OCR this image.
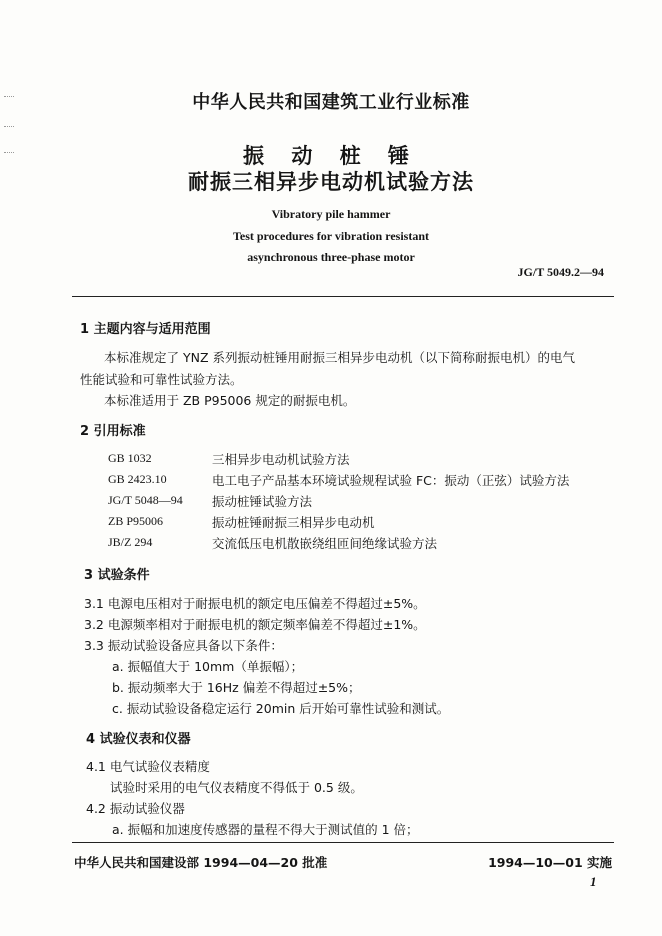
中华人民共和国建筑工业行业标准
振 动 桩 锤
耐振三相异步电动机试验方法
Vibratory pile hammer
Test procedures for vibration resistant
asynchronous three-phase motor
JG/T 5049.2—94
1 主题内容与适用范围
本标准规定了 YNZ 系列振动桩锤用耐振三相异步电动机（以下简称耐振电机）的电气
性能试验和可靠性试验方法。
本标准适用于 ZB P95006 规定的耐振电机。
2 引用标准
GB 1032	三相异步电动机试验方法
GB 2423.10	电工电子产品基本环境试验规程试验 FC：振动（正弦）试验方法
JG/T 5048—94 振动桩锤试验方法
ZB P95006	振动桩锤耐振三相异步电动机
JB/Z 294	交流低压电机散嵌绕组匝间绝缘试验方法
3 试验条件
3.1 电源电压相对于耐振电机的额定电压偏差不得超过±5%。
3.2 电源频率相对于耐振电机的额定频率偏差不得超过±1%。
3.3 振动试验设备应具备以下条件：
a. 振幅值大于 10mm（单振幅）；
b. 振动频率大于 16Hz 偏差不得超过±5%；
c. 振动试验设备稳定运行 20min 后开始可靠性试验和测试。
4 试验仪表和仪器
4.1 电气试验仪表精度
试验时采用的电气仪表精度不得低于 0.5 级。
4.2 振动试验仪器
a. 振幅和加速度传感器的量程不得大于测试值的 1 倍；
中华人民共和国建设部 1994—04—20 批准	1994—10—01 实施
1
